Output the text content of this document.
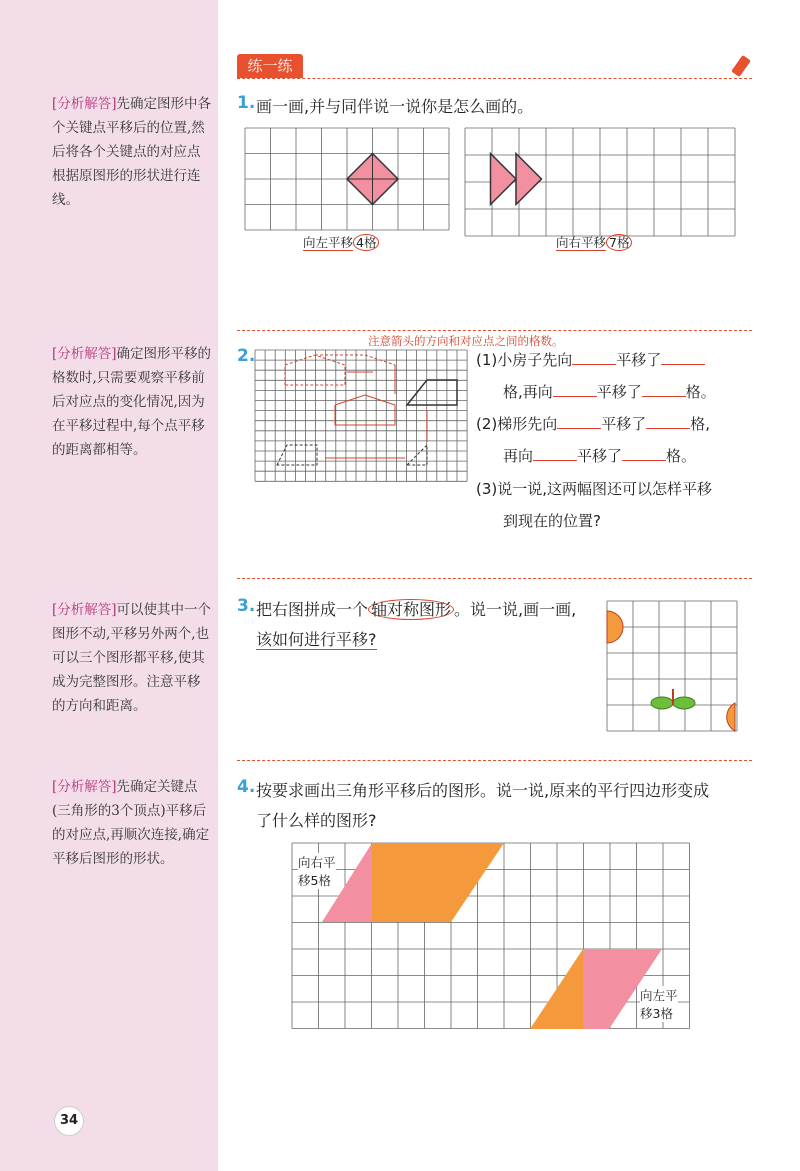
[分析解答]先确定图形中各个关键点平移后的位置,然后将各个关键点的对应点根据原图形的形状进行连线。
[分析解答]确定图形平移的格数时,只需要观察平移前后对应点的变化情况,因为在平移过程中,每个点平移的距离都相等。
[分析解答]可以使其中一个图形不动,平移另外两个,也可以三个图形都平移,使其成为完整图形。注意平移的方向和距离。
[分析解答]先确定关键点(三角形的3个顶点)平移后的对应点,再顺次连接,确定平移后图形的形状。
34
练一练
1. 画一画,并与同伴说一说你是怎么画的。
向左平移 4格	向右平移 7格
2.
注意箭头的方向和对应点之间的格数。
(1)小房子先向	平移了
格,再向	平移了	格。
(2)梯形先向	平移了	格,
再向	平移了	格。
(3)说一说,这两幅图还可以怎样平移
到现在的位置?
3. 把右图拼成一个 轴对称图形 。说一说,画一画,
该如何进行平移?
4. 按要求画出三角形平移后的图形。说一说,原来的平行四边形变成
了什么样的图形?
向右平
移5格
向左平
移3格
